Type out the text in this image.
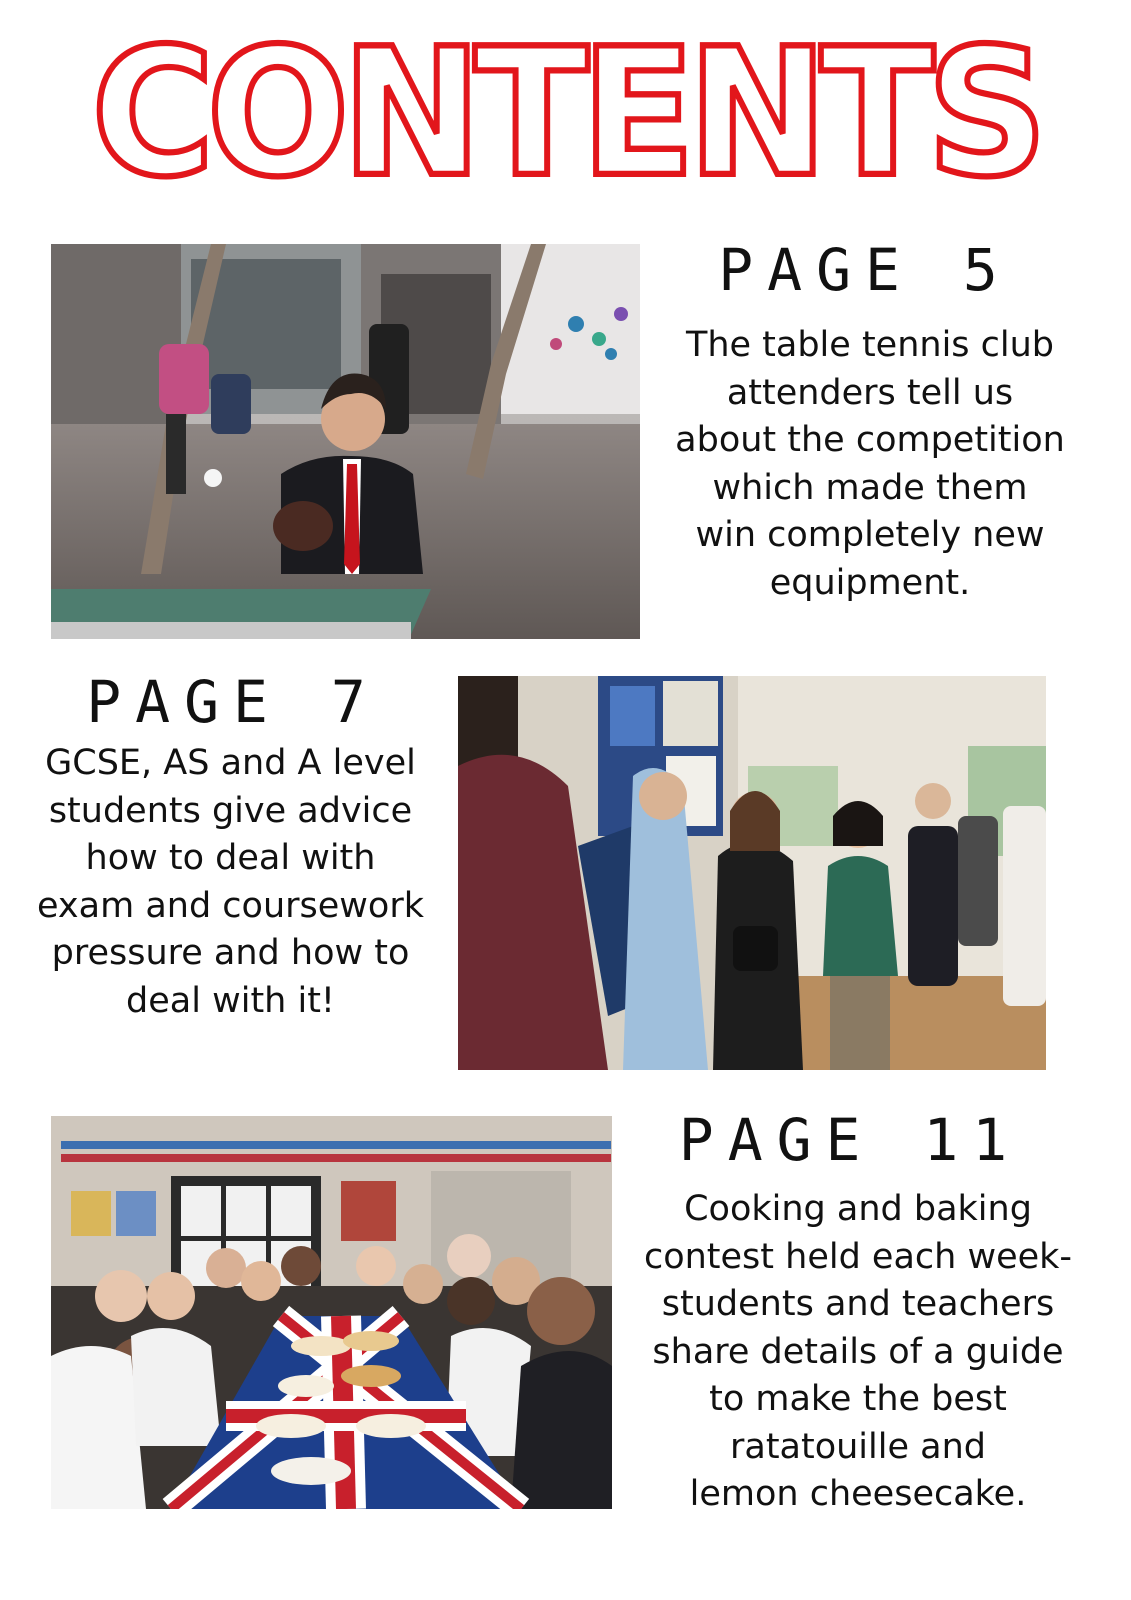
CONTENTS
PAGE 5
The table tennis club
attenders tell us
about the competition
which made them
win completely new
equipment.
PAGE 7
GCSE, AS and A level
students give advice
how to deal with
exam and coursework
pressure and how to
deal with it!
PAGE 11
Cooking and baking
contest held each week-
students and teachers
share details of a guide
to make the best
ratatouille and
lemon cheesecake.
